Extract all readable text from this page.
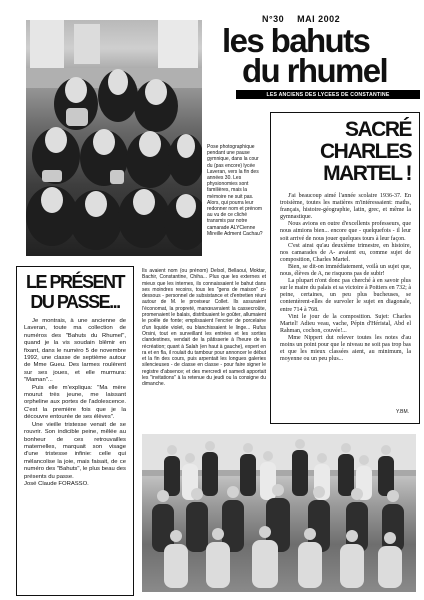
N°30 MAI 2002
les bahuts
du rhumel
LES ANCIENS DES LYCEES DE CONSTANTINE
Pose photographique pendant une pause gymnique, dans la cour du (pas encore) lycée Laveran, vers la fin des années 30. Les physionomies sont familières, mais la mémoire ne suit pas. Alors, qui pourra leur redonner nom et prénom au vu de ce cliché transmis par notre camarade ALYCienne Mireille Adment Cachau?
SACRÉ
CHARLES MARTEL !

J'ai beaucoup aimé l'année scolaire 1936-37. En troisième, toutes les matières m'intéressaient: maths, français, histoire-géographie, latin, grec, et même la gymnastique.

Nous avions en outre d'excellents professeurs, que nous aimions bien... encore que - quelquefois - il leur soit arrivé de nous jouer quelques tours à leur façon.

C'est ainsi qu'au deuxième trimestre, en histoire, nos camarades de A- avaient eu, comme sujet de composition, Charles Martel.

Bien, se dit-on immédiatement, voilà un sujet que, nous, élèves de A, ne risquons pas de subir!

La plupart n'ont donc pas cherché à en savoir plus sur le maire du palais et sa victoire à Poitiers en 732; à peine, certaines, un peu plus bucheuses, se contentèrent-elles de survoler le sujet en diagonale, entre 714 à 768.

Vint le jour de la composition. Sujet: Charles Martel! Adieu veau, vache, Pépin d'Héristal, Abd el Rahman, cochon, couvée!...

Mme Nippert dut relever toutes les notes d'au moins un point pour que le niveau ne soit pas trop bas et que les mieux classées aient, au minimum, la moyenne ou un peu plus...

Y.BM.
LE PRÉSENT
DU PASSE...

Je montrais, à une ancienne de Laveran, toute ma collection de numéros des "Bahuts du Rhumel", quand je la vis soudain blêmir en fixant, dans le numéro 5 de novembre 1992, une classe de septième autour de Mme Gueu. Des larmes roulèrent sur ses joues, et elle murmura: "Maman"...

Puis elle m'expliqua: "Ma mère mourut très jeune, me laissant orpheline aux portes de l'adolescence. C'est la première fois que je la découvre entourée de ses élèves".

Une vieille tristesse venait de se rouvrir. Son indicible peine, mêlée au bonheur de ces retrouvailles maternelles, marquait son visage d'une tristesse infinie: celle qui mélancolise la joie, mais faisait, de ce numéro des "Bahuts", le plus beau des présents du passe.

José Claude FORASSO.

Ils avaient nom (ou prénom) Delsol, Bellaoui, Moktar, Bachir, Constantine, Chiha... Plus que les externes et mieux que les internes, ils connaissaient le bahut dans ses moindres recoins, tous les "gens de maison" ci-dessous - personnel de subsistance et d'entretien réuni autour de M. le proviseur Collet. Ils assuraient l'économat, la propreté, manœuvraient la cassecroûte, promenaient le balais, distribuaient le goûter, allumaient le poêle de fonte; emplissaient l'encrier de porcelaine d'un liquide violet, ou blanchissaient le linge... Rufus Orsini, tout en surveillant les entrées et les sorties clandestines, vendait de la pâtisserie à l'heure de la récréation; quant à Salah (en haut à gauche), expert en ra et en fla, il roulait du tambour pour annoncer le début et la fin des cours, puis arpentait les longues galeries silencieuses - de classe en classe - pour faire signer le registre d'absence; et des mercredi et samedi apportait les "invitations" à la retenue du jeudi ou la consigne du dimanche.
